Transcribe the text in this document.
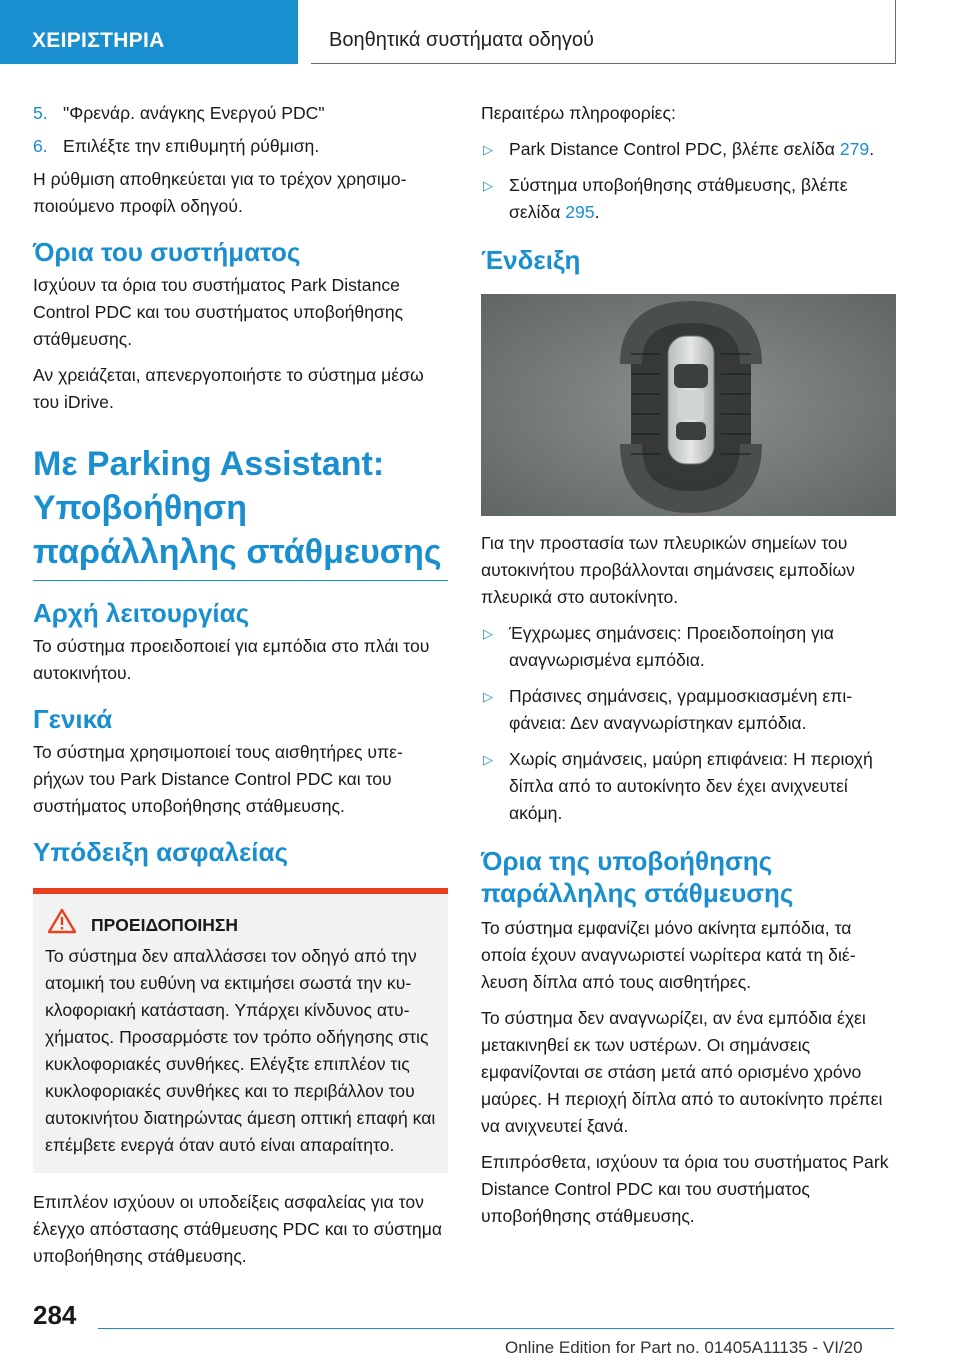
ΧΕΙΡΙΣΤΗΡΙΑ	Βοηθητικά συστήματα οδηγού
5. "Φρενάρ. ανάγκης Ενεργού PDC"
6. Επιλέξτε την επιθυμητή ρύθμιση.

Η ρύθμιση αποθηκεύεται για το τρέχον χρησιμοποιούμενο προφίλ οδηγού.

Όρια του συστήματος

Ισχύουν τα όρια του συστήματος Park Distance Control PDC και του συστήματος υποβοήθησης στάθμευσης.

Αν χρειάζεται, απενεργοποιήστε το σύστημα μέσω του iDrive.

Με Parking Assistant: Υποβοήθηση παράλληλης στάθμευσης
Αρχή λειτουργίας

Το σύστημα προειδοποιεί για εμπόδια στο πλάι του αυτοκινήτου.

Γενικά

Το σύστημα χρησιμοποιεί τους αισθητήρες υπερήχων του Park Distance Control PDC και του συστήματος υποβοήθησης στάθμευσης.

Υπόδειξη ασφαλείας
ΠΡΟΕΙΔΟΠΟΙΗΣΗ
Το σύστημα δεν απαλλάσσει τον οδηγό από την ατομική του ευθύνη να εκτιμήσει σωστά την κυκλοφοριακή κατάσταση. Υπάρχει κίνδυνος ατυχήματος. Προσαρμόστε τον τρόπο οδήγησης στις κυκλοφοριακές συνθήκες. Ελέγξτε επιπλέον τις κυκλοφοριακές συνθήκες και το περιβάλλον του αυτοκινήτου διατηρώντας άμεση οπτική επαφή και επέμβετε ενεργά όταν αυτό είναι απαραίτητο.

Επιπλέον ισχύουν οι υποδείξεις ασφαλείας για τον έλεγχο απόστασης στάθμευσης PDC και το σύστημα υποβοήθησης στάθμευσης.

Περαιτέρω πληροφορίες:

▷ Park Distance Control PDC, βλέπε σελίδα 279.
▷ Σύστημα υποβοήθησης στάθμευσης, βλέπε σελίδα 295.
Ένδειξη

Για την προστασία των πλευρικών σημείων του αυτοκινήτου προβάλλονται σημάνσεις εμποδίων πλευρικά στο αυτοκίνητο.

▷ Έγχρωμες σημάνσεις: Προειδοποίηση για αναγνωρισμένα εμπόδια.
▷ Πράσινες σημάνσεις, γραμμοσκιασμένη επιφάνεια: Δεν αναγνωρίστηκαν εμπόδια.
▷ Χωρίς σημάνσεις, μαύρη επιφάνεια: Η περιοχή δίπλα από το αυτοκίνητο δεν έχει ανιχνευτεί ακόμη.
Όρια της υποβοήθησης παράλληλης στάθμευσης

Το σύστημα εμφανίζει μόνο ακίνητα εμπόδια, τα οποία έχουν αναγνωριστεί νωρίτερα κατά τη διέλευση δίπλα από τους αισθητήρες.

Το σύστημα δεν αναγνωρίζει, αν ένα εμπόδια έχει μετακινηθεί εκ των υστέρων. Οι σημάνσεις εμφανίζονται σε στάση μετά από ορισμένο χρόνο μαύρες. Η περιοχή δίπλα από το αυτοκίνητο πρέπει να ανιχνευτεί ξανά.

Επιπρόσθετα, ισχύουν τα όρια του συστήματος Park Distance Control PDC και του συστήματος υποβοήθησης στάθμευσης.

284
Online Edition for Part no. 01405A11135 - VI/20
